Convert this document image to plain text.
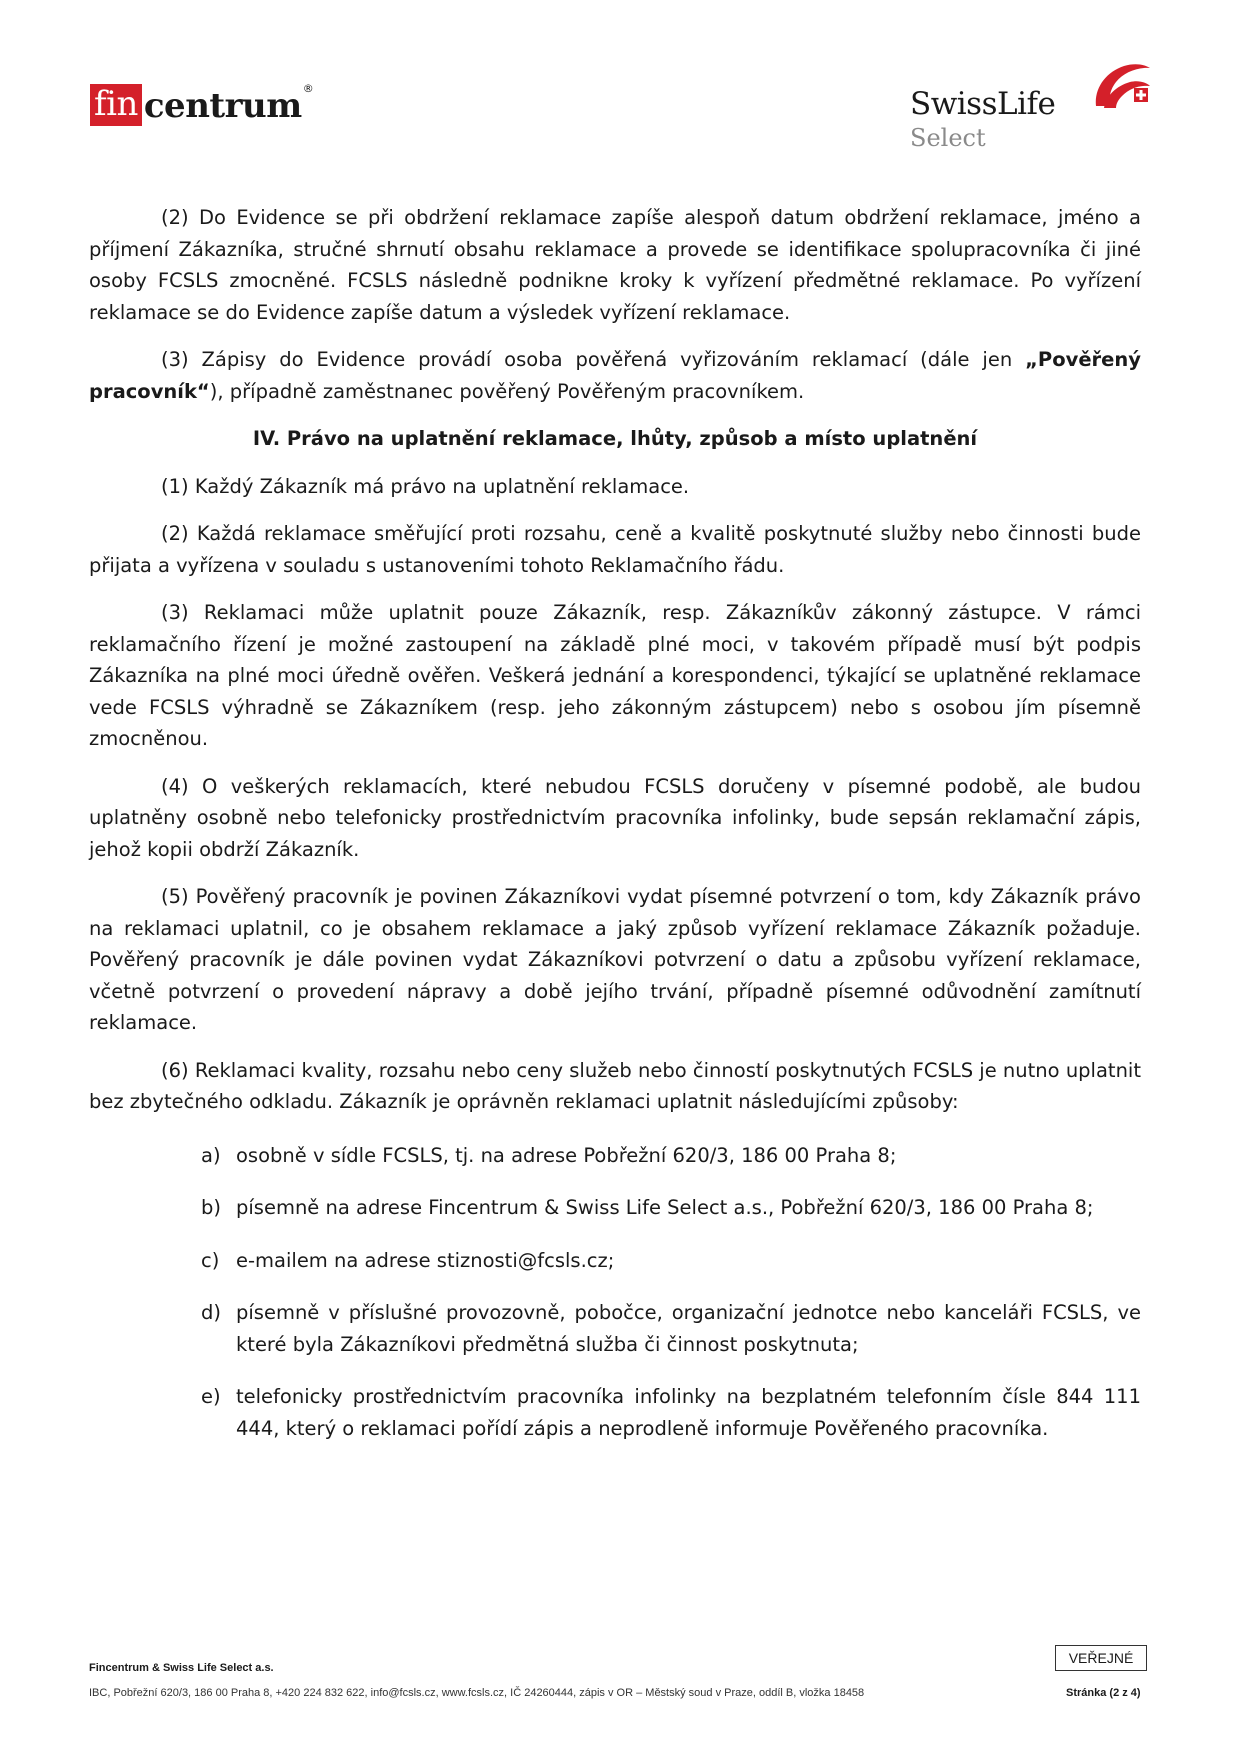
fin centrum ®	SwissLife
Select

(2) Do Evidence se při obdržení reklamace zapíše alespoň datum obdržení reklamace, jméno a příjmení Zákazníka, stručné shrnutí obsahu reklamace a provede se identifikace spolupracovníka či jiné osoby FCSLS zmocněné. FCSLS následně podnikne kroky k vyřízení předmětné reklamace. Po vyřízení reklamace se do Evidence zapíše datum a výsledek vyřízení reklamace.

(3) Zápisy do Evidence provádí osoba pověřená vyřizováním reklamací (dále jen „Pověřený pracovník“), případně zaměstnanec pověřený Pověřeným pracovníkem.

IV. Právo na uplatnění reklamace, lhůty, způsob a místo uplatnění

(1) Každý Zákazník má právo na uplatnění reklamace.

(2) Každá reklamace směřující proti rozsahu, ceně a kvalitě poskytnuté služby nebo činnosti bude přijata a vyřízena v souladu s ustanoveními tohoto Reklamačního řádu.

(3) Reklamaci může uplatnit pouze Zákazník, resp. Zákazníkův zákonný zástupce. V rámci reklamačního řízení je možné zastoupení na základě plné moci, v takovém případě musí být podpis Zákazníka na plné moci úředně ověřen. Veškerá jednání a korespondenci, týkající se uplatněné reklamace vede FCSLS výhradně se Zákazníkem (resp. jeho zákonným zástupcem) nebo s osobou jím písemně zmocněnou.

(4) O veškerých reklamacích, které nebudou FCSLS doručeny v písemné podobě, ale budou uplatněny osobně nebo telefonicky prostřednictvím pracovníka infolinky, bude sepsán reklamační zápis, jehož kopii obdrží Zákazník.

(5) Pověřený pracovník je povinen Zákazníkovi vydat písemné potvrzení o tom, kdy Zákazník právo na reklamaci uplatnil, co je obsahem reklamace a jaký způsob vyřízení reklamace Zákazník požaduje. Pověřený pracovník je dále povinen vydat Zákazníkovi potvrzení o datu a způsobu vyřízení reklamace, včetně potvrzení o provedení nápravy a době jejího trvání, případně písemné odůvodnění zamítnutí reklamace.

(6) Reklamaci kvality, rozsahu nebo ceny služeb nebo činností poskytnutých FCSLS je nutno uplatnit bez zbytečného odkladu. Zákazník je oprávněn reklamaci uplatnit následujícími způsoby:

a) osobně v sídle FCSLS, tj. na adrese Pobřežní 620/3, 186 00 Praha 8;
b) písemně na adrese Fincentrum & Swiss Life Select a.s., Pobřežní 620/3, 186 00 Praha 8;
c) e-mailem na adrese stiznosti@fcsls.cz;
d) písemně v příslušné provozovně, pobočce, organizační jednotce nebo kanceláři FCSLS, ve které byla Zákazníkovi předmětná služba či činnost poskytnuta;
e) telefonicky prostřednictvím pracovníka infolinky na bezplatném telefonním čísle 844 111 444, který o reklamaci pořídí zápis a neprodleně informuje Pověřeného pracovníka.
Fincentrum & Swiss Life Select a.s.
IBC, Pobřežní 620/3, 186 00 Praha 8, +420 224 832 622, info@fcsls.cz, www.fcsls.cz, IČ 24260444, zápis v OR – Městský soud v Praze, oddíl B, vložka 18458
VEŘEJNÉ
Stránka (2 z 4)
